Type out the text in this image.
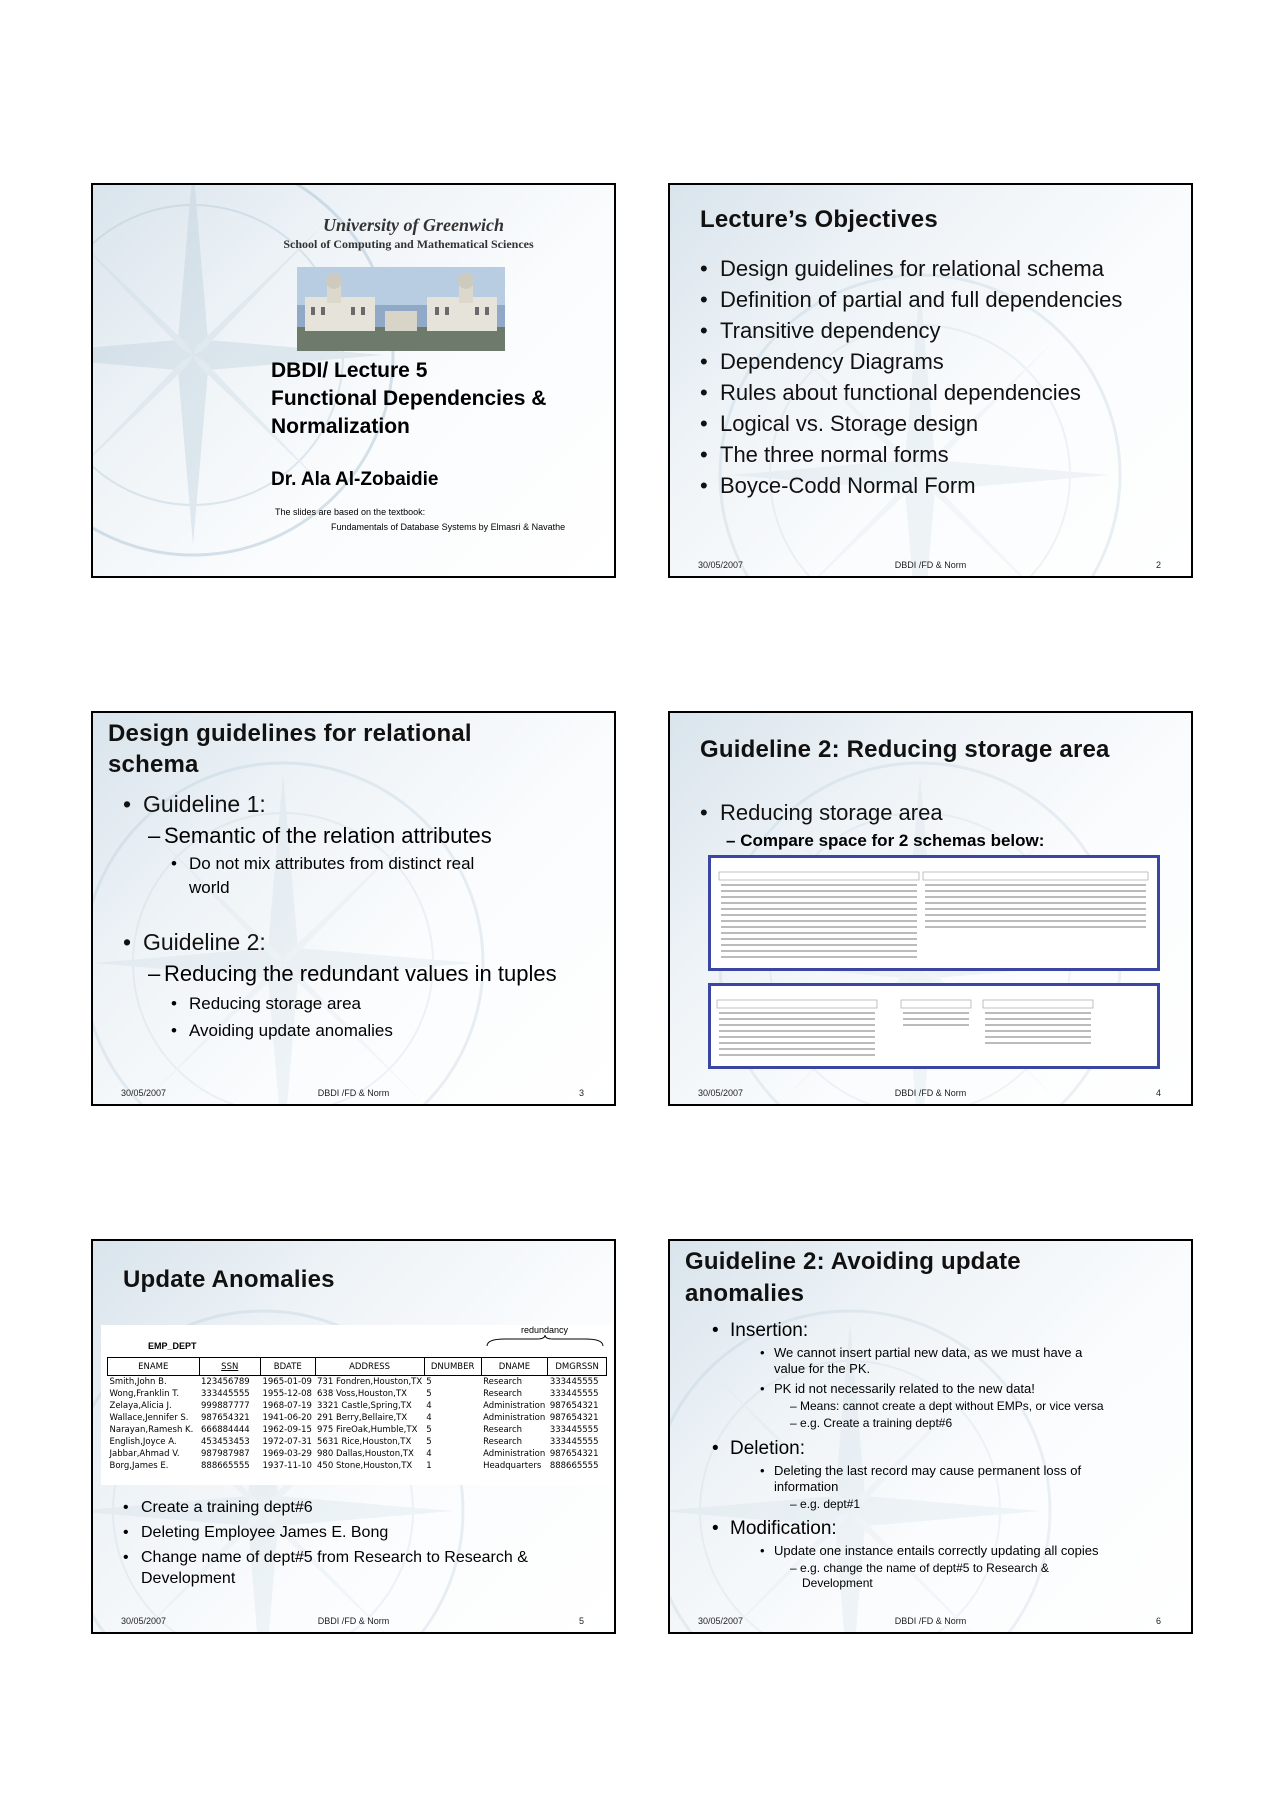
University of Greenwich
School of Computing and Mathematical Sciences
DBDI/ Lecture 5
Functional Dependencies &
Normalization
Dr. Ala Al-Zobaidie
The slides are based on the textbook:
Fundamentals of Database Systems by Elmasri & Navathe
Lecture’s Objectives
• Design guidelines for relational schema
• Definition of partial and full dependencies
• Transitive dependency
• Dependency Diagrams
• Rules about functional dependencies
• Logical vs. Storage design
• The three normal forms
• Boyce-Codd Normal Form
30/05/2007	DBDI /FD & Norm	2
Design guidelines for relational
schema
• Guideline 1:
– Semantic of the relation attributes
• Do not mix attributes from distinct real
world
• Guideline 2:
– Reducing the redundant values in tuples
• Reducing storage area
• Avoiding update anomalies
30/05/2007	DBDI /FD & Norm	3
Guideline 2: Reducing storage area
• Reducing storage area
– Compare space for 2 schemas below:
30/05/2007	DBDI /FD & Norm	4
Update Anomalies
EMP_DEPT
redundancy
ENAME	SSN	BDATE	ADDRESS	DNUMBER	DNAME	DMGRSSN
Smith,John B.	123456789	1965-01-09	731 Fondren,Houston,TX	5	Research	333445555
Wong,Franklin T.	333445555	1955-12-08	638 Voss,Houston,TX	5	Research	333445555
Zelaya,Alicia J.	999887777	1968-07-19	3321 Castle,Spring,TX	4	Administration	987654321
Wallace,Jennifer S.	987654321	1941-06-20	291 Berry,Bellaire,TX	4	Administration	987654321
Narayan,Ramesh K.	666884444	1962-09-15	975 FireOak,Humble,TX	5	Research	333445555
English,Joyce A.	453453453	1972-07-31	5631 Rice,Houston,TX	5	Research	333445555
Jabbar,Ahmad V.	987987987	1969-03-29	980 Dallas,Houston,TX	4	Administration	987654321
Borg,James E.	888665555	1937-11-10	450 Stone,Houston,TX	1	Headquarters	888665555
• Create a training dept#6
• Deleting Employee James E. Bong
• Change name of dept#5 from Research to Research &
Development
30/05/2007	DBDI /FD & Norm	5
Guideline 2: Avoiding update
anomalies
• Insertion:
• We cannot insert partial new data, as we must have a
value for the PK.
• PK id not necessarily related to the new data!
– Means: cannot create a dept without EMPs, or vice versa
– e.g. Create a training dept#6
• Deletion:
• Deleting the last record may cause permanent loss of
information
– e.g. dept#1
• Modification:
• Update one instance entails correctly updating all copies
– e.g. change the name of dept#5 to Research &
Development
30/05/2007	DBDI /FD & Norm	6
